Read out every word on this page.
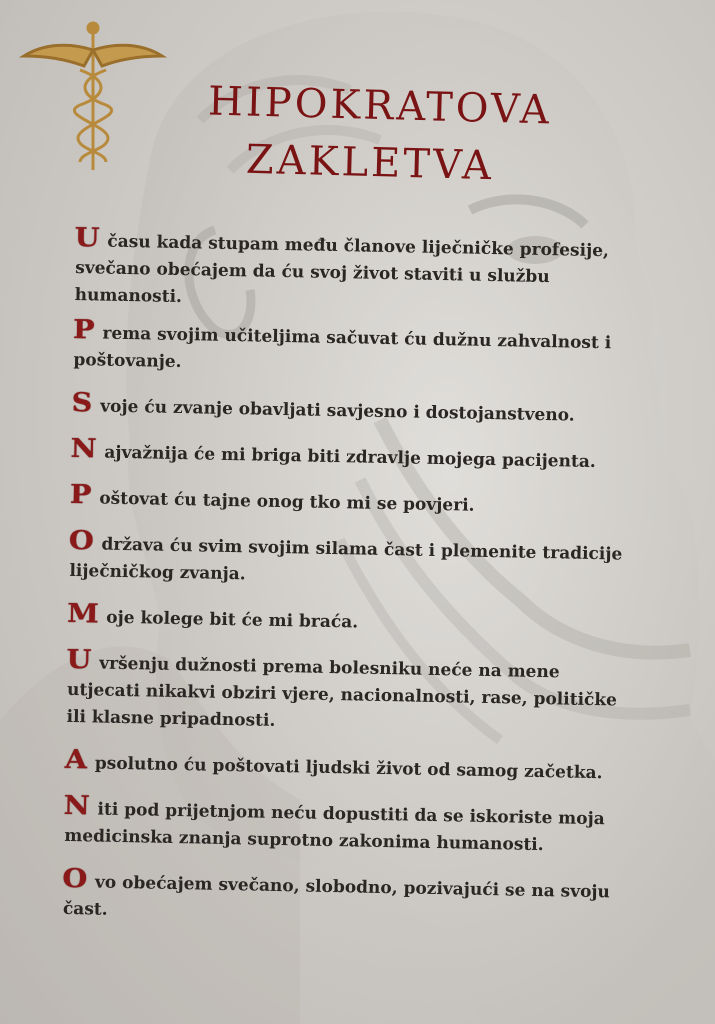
HIPOKRATOVA
ZAKLETVA

U času kada stupam među članove liječničke profesije,
svečano obećajem da ću svoj život staviti u službu
humanosti.

P rema svojim učiteljima sačuvat ću dužnu zahvalnost i
poštovanje.

S voje ću zvanje obavljati savjesno i dostojanstveno.

N ajvažnija će mi briga biti zdravlje mojega pacijenta.

P oštovat ću tajne onog tko mi se povjeri.

O država ću svim svojim silama čast i plemenite tradicije
liječničkog zvanja.

M oje kolege bit će mi braća.

U vršenju dužnosti prema bolesniku neće na mene
utjecati nikakvi obziri vjere, nacionalnosti, rase, političke
ili klasne pripadnosti.

A psolutno ću poštovati ljudski život od samog začetka.

N iti pod prijetnjom neću dopustiti da se iskoriste moja
medicinska znanja suprotno zakonima humanosti.

O vo obećajem svečano, slobodno, pozivajući se na svoju
čast.
